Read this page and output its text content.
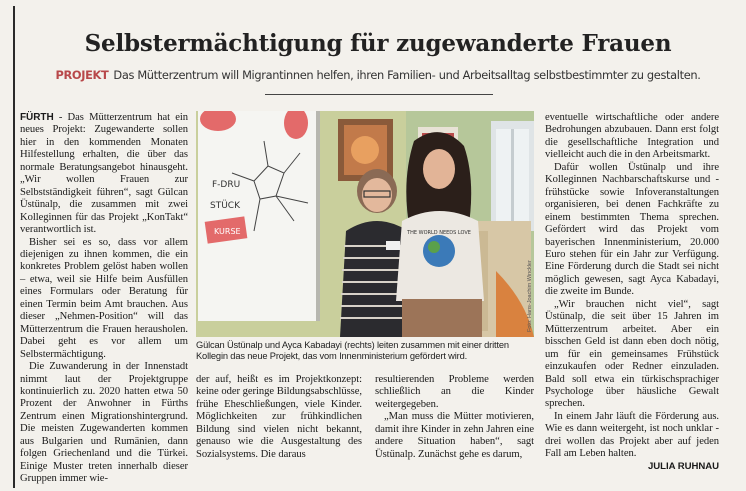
Selbstermächtigung für zugewanderte Frauen
PROJEKT Das Mütterzentrum will Migrantinnen helfen, ihren Familien- und Arbeitsalltag selbstbestimmter zu gestalten.

FÜRTH - Das Mütterzentrum hat ein neues Projekt: Zugewanderte sollen hier in den kommenden Monaten Hilfestellung erhalten, die über das normale Beratungsangebot hinausgeht. „Wir wollen Frauen zur Selbstständigkeit führen“, sagt Gülcan Üstünalp, die zusammen mit zwei Kolleginnen für das Projekt „KonTakt“ verantwortlich ist.

Bisher sei es so, dass vor allem diejenigen zu ihnen kommen, die ein konkretes Problem gelöst haben wollen – etwa, weil sie Hilfe beim Ausfüllen eines Formulars oder Beratung für einen Termin beim Amt brauchen. Aus dieser „Nehmen-Position“ will das Mütterzentrum die Frauen herausholen. Dabei geht es vor allem um Selbstermächtigung.

Die Zuwanderung in der Innenstadt nimmt laut der Projektgruppe kontinuierlich zu. 2020 hatten etwa 50 Prozent der Anwohner in Fürths Zentrum einen Migrationshintergrund. Die meisten Zugewanderten kommen aus Bulgarien und Rumänien, dann folgen Griechenland und die Türkei. Einige Muster treten innerhalb dieser Gruppen immer wie-

F-DRU
STÜCK
KURSE	THE WORLD NEEDS LOVE
Foto: Hans-Joachim Winckler
Gülcan Üstünalp und Ayca Kabadayi (rechts) leiten zusammen mit einer dritten Kollegin das neue Projekt, das vom Innenministerium gefördert wird.

der auf, heißt es im Projektkonzept: keine oder geringe Bildungsabschlüsse, frühe Eheschließungen, viele Kinder. Möglichkeiten zur frühkindlichen Bildung sind vielen nicht bekannt, genauso wie die Ausgestaltung des Sozialsystems. Die daraus

resultierenden Probleme werden schließlich an die Kinder weitergegeben.

„Man muss die Mütter motivieren, damit ihre Kinder in zehn Jahren eine andere Situation haben“, sagt Üstünalp. Zunächst gehe es darum,

eventuelle wirtschaftliche oder andere Bedrohungen abzubauen. Dann erst folgt die gesellschaftliche Integration und vielleicht auch die in den Arbeitsmarkt.

Dafür wollen Üstünalp und ihre Kolleginnen Nachbarschaftskurse und -frühstücke sowie Infoveranstaltungen organisieren, bei denen Fachkräfte zu einem bestimmten Thema sprechen. Gefördert wird das Projekt vom bayerischen Innenministerium, 20.000 Euro stehen für ein Jahr zur Verfügung. Eine Förderung durch die Stadt sei nicht möglich gewesen, sagt Ayca Kabadayi, die zweite im Bunde.

„Wir brauchen nicht viel“, sagt Üstünalp, die seit über 15 Jahren im Mütterzentrum arbeitet. Aber ein bisschen Geld ist dann eben doch nötig, um für ein gemeinsames Frühstück einzukaufen oder Redner einzuladen. Bald soll etwa ein türkischsprachiger Psychologe über häusliche Gewalt sprechen.

In einem Jahr läuft die Förderung aus. Wie es dann weitergeht, ist noch unklar - drei wollen das Projekt aber auf jeden Fall am Leben halten.

JULIA RUHNAU
